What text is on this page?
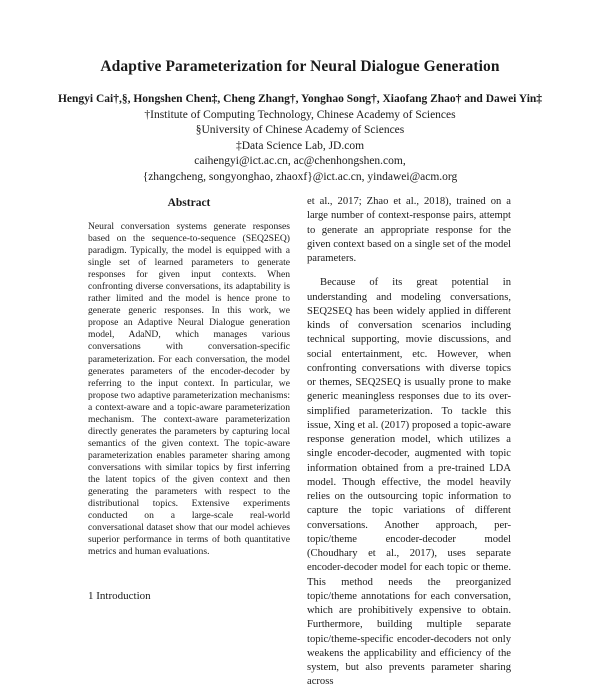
Adaptive Parameterization for Neural Dialogue Generation
Hengyi Cai†,§, Hongshen Chen‡, Cheng Zhang†, Yonghao Song†, Xiaofang Zhao† and Dawei Yin‡
†Institute of Computing Technology, Chinese Academy of Sciences
§University of Chinese Academy of Sciences
‡Data Science Lab, JD.com
caihengyi@ict.ac.cn, ac@chenhongshen.com,
{zhangcheng, songyonghao, zhaoxf}@ict.ac.cn, yindawei@acm.org
Abstract

Neural conversation systems generate responses based on the sequence-to-sequence (SEQ2SEQ) paradigm. Typically, the model is equipped with a single set of learned parameters to generate responses for given input contexts. When confronting diverse conversations, its adaptability is rather limited and the model is hence prone to generate generic responses. In this work, we propose an Adaptive Neural Dialogue generation model, AdaND, which manages various conversations with conversation-specific parameterization. For each conversation, the model generates parameters of the encoder-decoder by referring to the input context. In particular, we propose two adaptive parameterization mechanisms: a context-aware and a topic-aware parameterization mechanism. The context-aware parameterization directly generates the parameters by capturing local semantics of the given context. The topic-aware parameterization enables parameter sharing among conversations with similar topics by first inferring the latent topics of the given context and then generating the parameters with respect to the distributional topics. Extensive experiments conducted on a large-scale real-world conversational dataset show that our model achieves superior performance in terms of both quantitative metrics and human evaluations.

et al., 2017; Zhao et al., 2018), trained on a large number of context-response pairs, attempt to generate an appropriate response for the given context based on a single set of the model parameters.

Because of its great potential in understanding and modeling conversations, SEQ2SEQ has been widely applied in different kinds of conversation scenarios including technical supporting, movie discussions, and social entertainment, etc. However, when confronting conversations with diverse topics or themes, SEQ2SEQ is usually prone to make generic meaningless responses due to its over-simplified parameterization. To tackle this issue, Xing et al. (2017) proposed a topic-aware response generation model, which utilizes a single encoder-decoder, augmented with topic information obtained from a pre-trained LDA model. Though effective, the model heavily relies on the outsourcing topic information to capture the topic variations of different conversations. Another approach, per-topic/theme encoder-decoder model (Choudhary et al., 2017), uses separate encoder-decoder model for each topic or theme. This method needs the preorganized topic/theme annotations for each conversation, which are prohibitively expensive to obtain. Furthermore, building multiple separate topic/theme-specific encoder-decoders not only weakens the applicability and efficiency of the system, but also prevents parameter sharing across

1 Introduction
